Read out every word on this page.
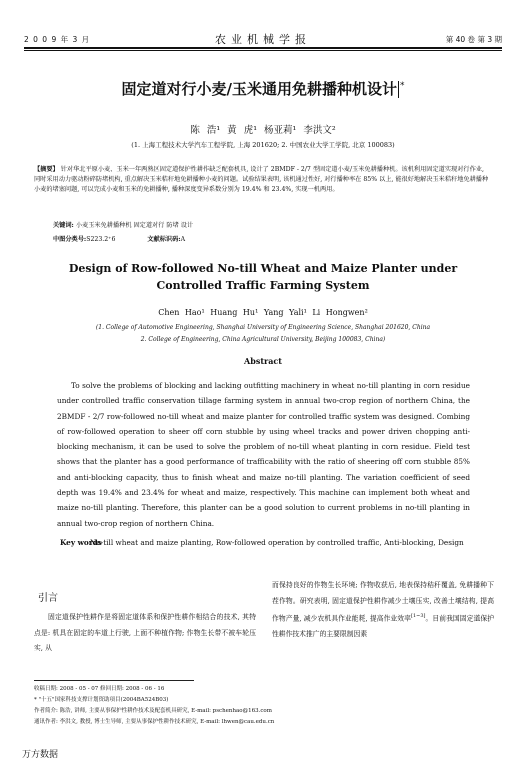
2 0 0 9 年 3 月	农业机械学报	第 40 卷 第 3 期
固定道对行小麦/玉米通用免耕播种机设计 *
陈 浩¹ 黄 虎¹ 杨亚莉¹ 李洪文²
(1. 上海工程技术大学汽车工程学院, 上海 201620; 2. 中国农业大学工学院, 北京 100083)
【摘要】 针对华北平原小麦、玉米一年两熟区固定道保护性耕作缺乏配套机具, 设计了 2BMDF - 2/7 型固定道小麦/玉米免耕播种机。该机利用固定道实现对行作业, 同时采用动力驱动粉碎防堵机构, 重点解决玉米秸秆地免耕播种小麦的问题。试验结果表明, 该机通过性好, 对行播种率在 85% 以上, 能很好地解决玉米秸秆地免耕播种小麦的堵塞问题, 可以完成小麦和玉米的免耕播种, 播种深度变异系数分别为 19.4% 和 23.4%, 实现一机两用。
关键词: 小麦玉米免耕播种机 固定道对行 防堵 设计
中图分类号:S223.2⁺6	文献标识码:A
Design of Row-followed No-till Wheat and Maize Planter under
Controlled Traffic Farming System
Chen Hao¹ Huang Hu¹ Yang Yali¹ Li Hongwen²
(1. College of Automotive Engineering, Shanghai University of Engineering Science, Shanghai 201620, China
2. College of Engineering, China Agricultural University, Beijing 100083, China)
Abstract
To solve the problems of blocking and lacking outfitting machinery in wheat no-till planting in corn residue under controlled traffic conservation tillage farming system in annual two-crop region of northern China, the 2BMDF - 2/7 row-followed no-till wheat and maize planter for controlled traffic system was designed. Combing of row-followed operation to sheer off corn stubble by using wheel tracks and power driven chopping anti-blocking mechanism, it can be used to solve the problem of no-till wheat planting in corn residue. Field test shows that the planter has a good performance of trafficability with the ratio of sheering off corn stubble 85% and anti-blocking capacity, thus to finish wheat and maize no-till planting. The variation coefficient of seed depth was 19.4% and 23.4% for wheat and maize, respectively. This machine can implement both wheat and maize no-till planting. Therefore, this planter can be a good solution to current problems in no-till planting in annual two-crop region of northern China.
Key words
No-till wheat and maize planting, Row-followed operation by controlled traffic, Anti-blocking, Design
引言
固定道保护性耕作是将固定道体系和保护性耕作相结合的技术, 其特点是: 机具在固定的车道上行驶, 上面不种植作物; 作物生长带不被车轮压实, 从
而保持良好的作物生长环境; 作物收获后, 地表保持秸秆覆盖, 免耕播种下茬作物。研究表明, 固定道保护性耕作减少土壤压实, 改善土壤结构, 提高作物产量, 减少农机具作业能耗, 提高作业效率[1~3]。目前我国固定道保护性耕作技术推广的主要限制因素
收稿日期: 2008 - 05 - 07 修回日期: 2008 - 06 - 16
* "十五"国家科技支撑计划资助项目(2004BA524B03)
作者简介: 陈浩, 讲师, 主要从事保护性耕作技术及配套机具研究, E-mail: pschenhao@163.com
通讯作者: 李洪文, 教授, 博士生导师, 主要从事保护性耕作技术研究, E-mail: lhwen@cau.edu.cn
万方数据
